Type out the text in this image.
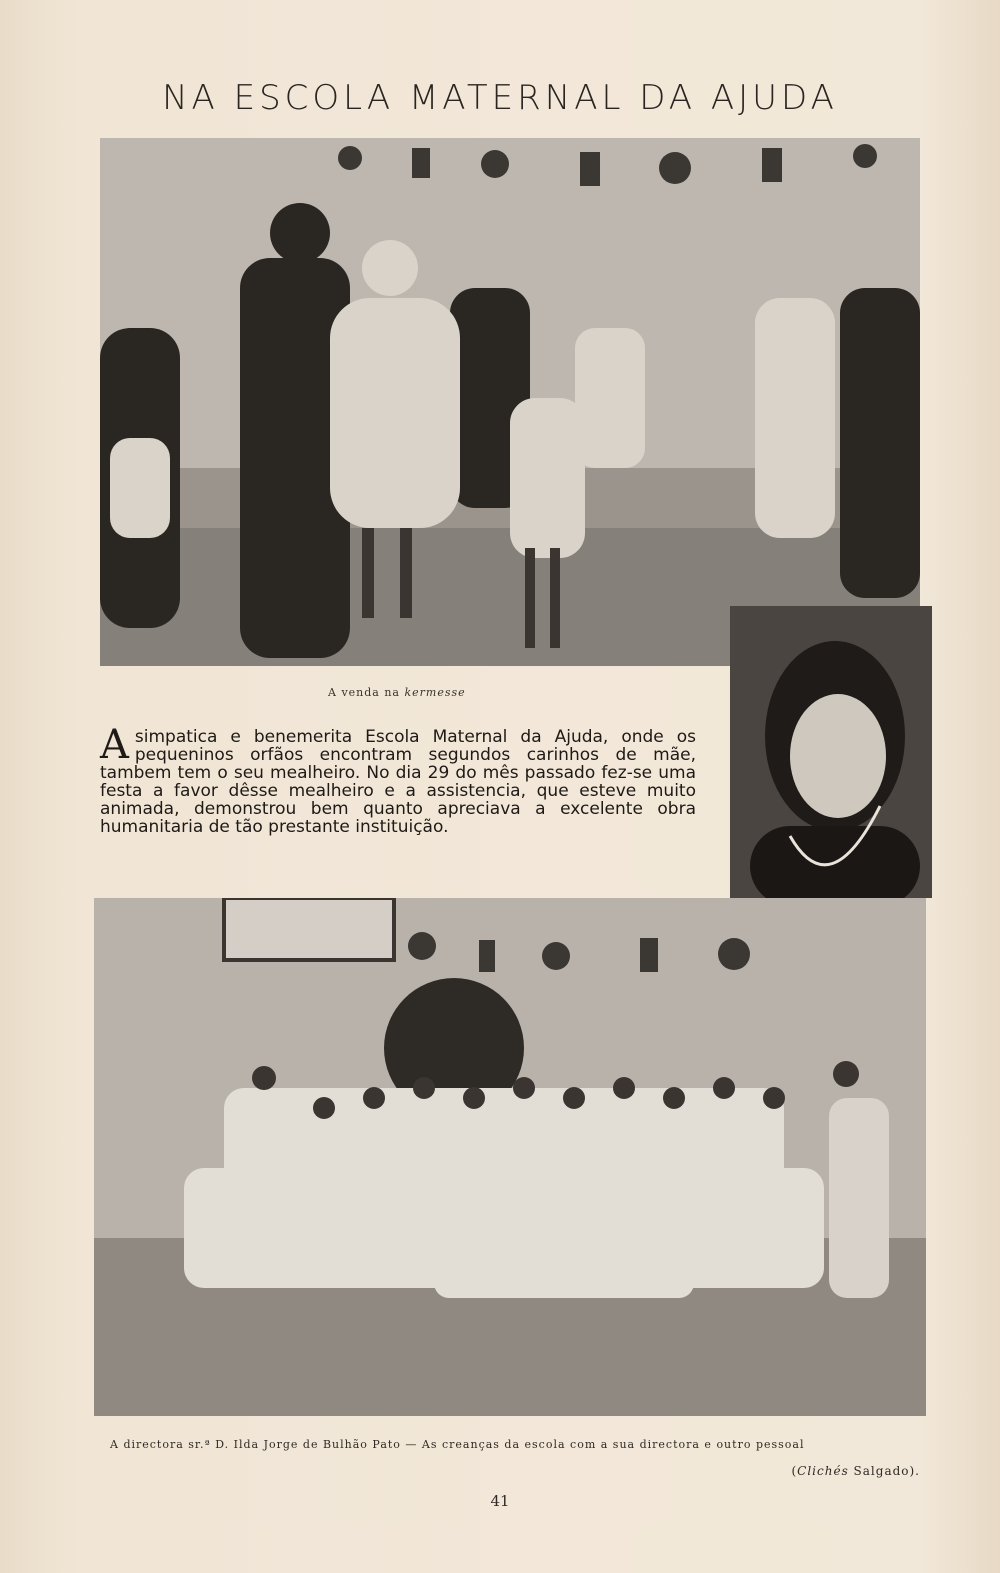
NA ESCOLA MATERNAL DA AJUDA
A venda na kermesse
Asimpatica e benemerita Escola Maternal da Ajuda, onde os pequeninos orfãos encontram segundos carinhos de mãe, tambem tem o seu mealheiro. No dia 29 do mês passado fez-se uma festa a favor dêsse mealheiro e a assistencia, que esteve muito animada, demonstrou bem quanto apreciava a excelente obra humanitaria de tão prestante instituição.
A directora sr.ª D. Ilda Jorge de Bulhão Pato — As creanças da escola com a sua directora e outro pessoal
(Clichés Salgado).
41
